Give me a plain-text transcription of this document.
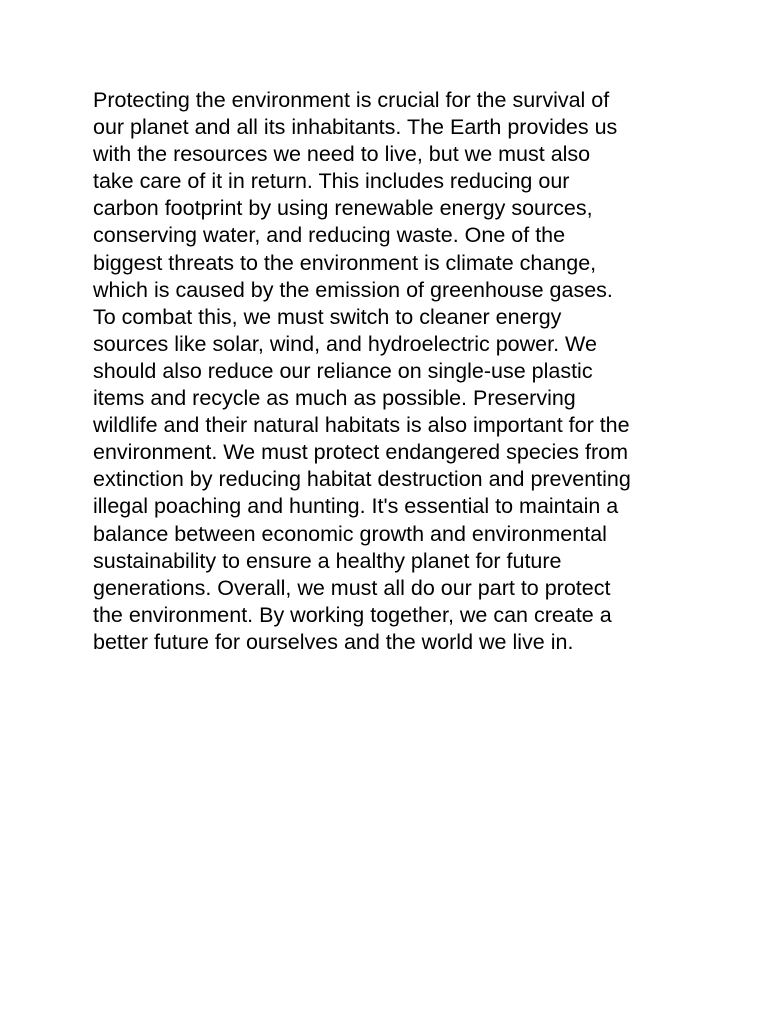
Protecting the environment is crucial for the survival of
our planet and all its inhabitants. The Earth provides us
with the resources we need to live, but we must also
take care of it in return. This includes reducing our
carbon footprint by using renewable energy sources,
conserving water, and reducing waste. One of the
biggest threats to the environment is climate change,
which is caused by the emission of greenhouse gases.
To combat this, we must switch to cleaner energy
sources like solar, wind, and hydroelectric power. We
should also reduce our reliance on single-use plastic
items and recycle as much as possible. Preserving
wildlife and their natural habitats is also important for the
environment. We must protect endangered species from
extinction by reducing habitat destruction and preventing
illegal poaching and hunting. It's essential to maintain a
balance between economic growth and environmental
sustainability to ensure a healthy planet for future
generations. Overall, we must all do our part to protect
the environment. By working together, we can create a
better future for ourselves and the world we live in.
